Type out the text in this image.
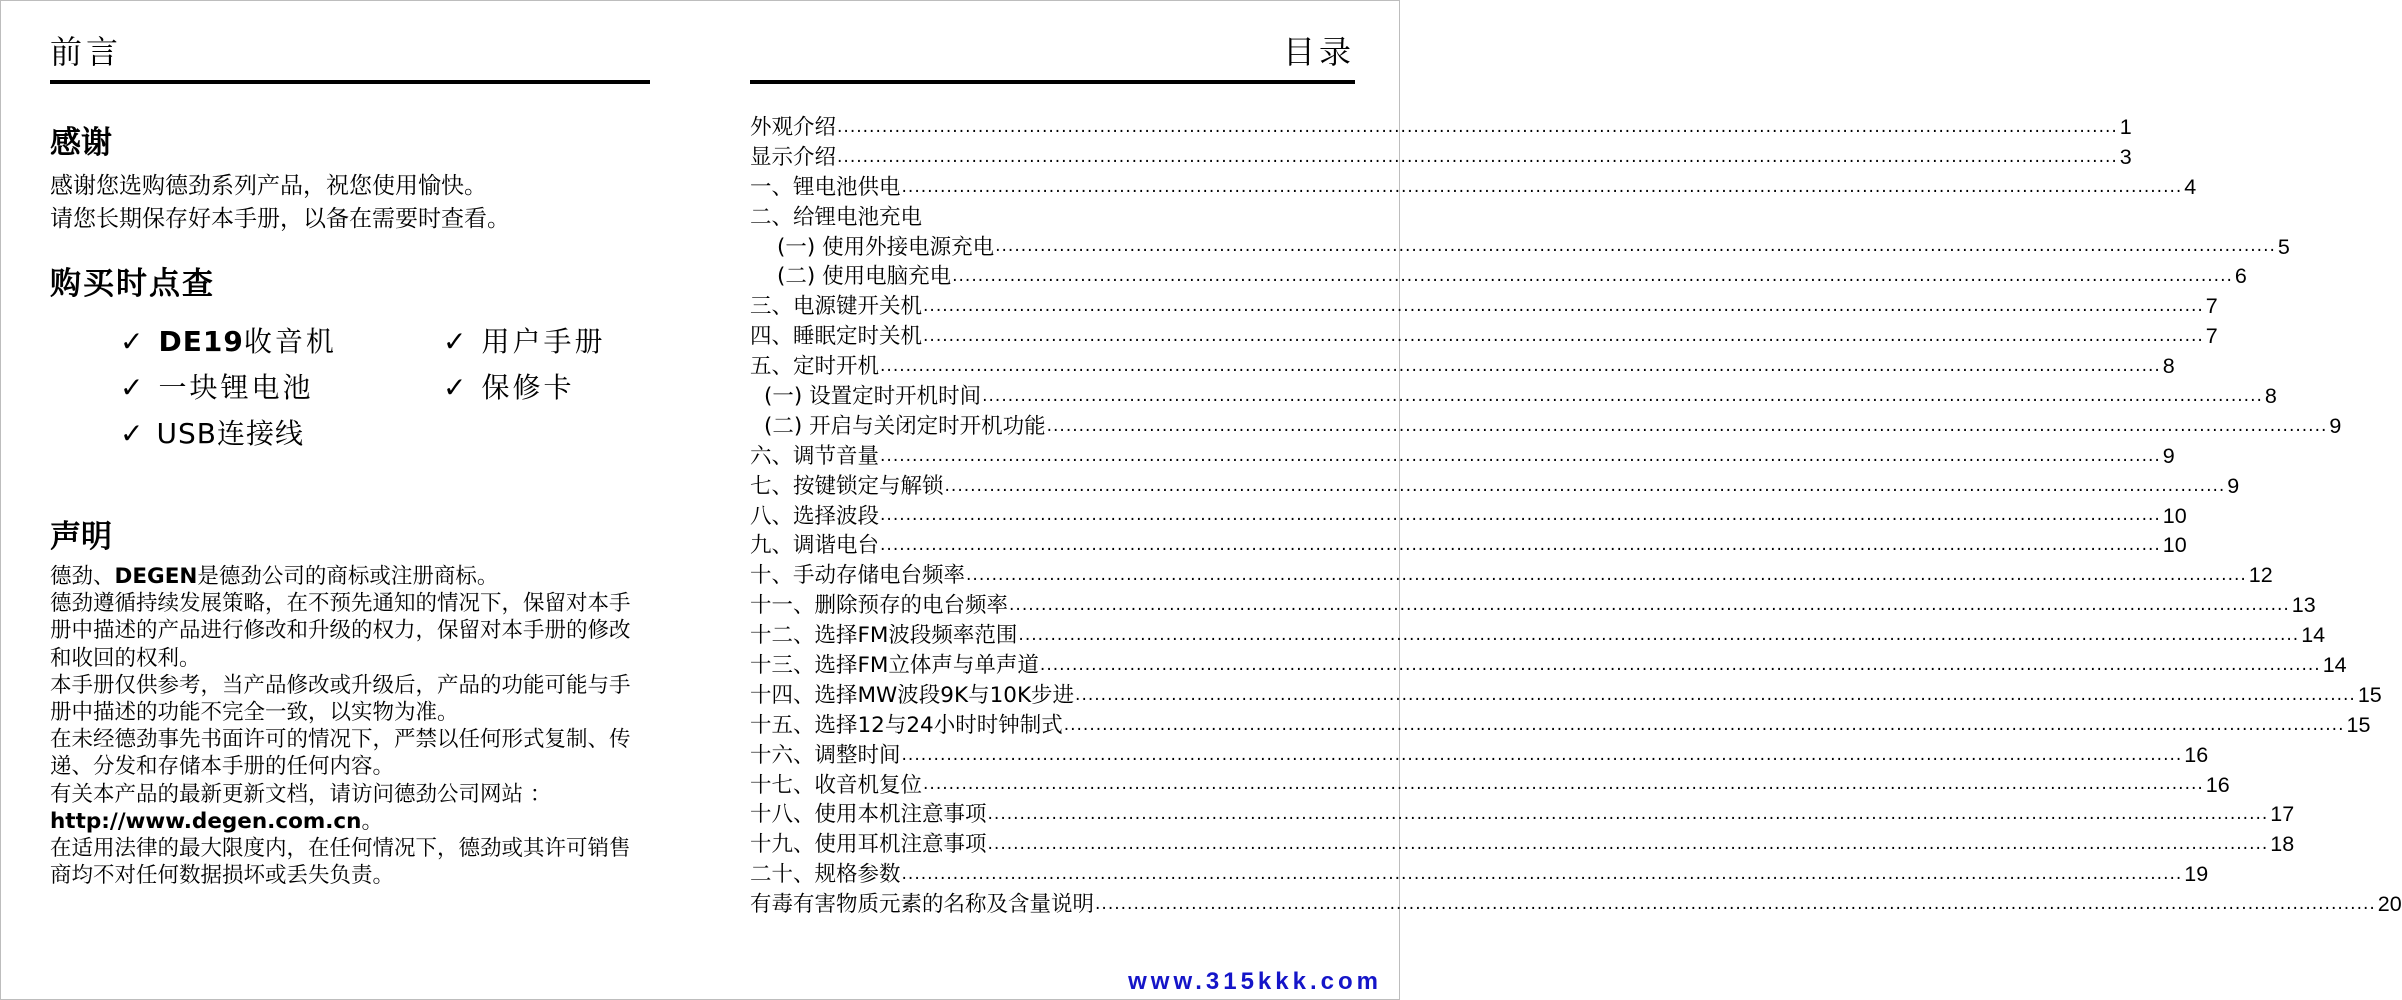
前言
感谢
感谢您选购德劲系列产品，祝您使用愉快。
请您长期保存好本手册，以备在需要时查看。
购买时点查
✓ DE19收音机	✓ 用户手册
✓ 一块锂电池	✓ 保修卡
✓ USB连接线
声明

德劲、DEGEN是德劲公司的商标或注册商标。

德劲遵循持续发展策略，在不预先通知的情况下，保留对本手册中描述的产品进行修改和升级的权力，保留对本手册的修改和收回的权利。

本手册仅供参考，当产品修改或升级后，产品的功能可能与手册中描述的功能不完全一致，以实物为准。

在未经德劲事先书面许可的情况下，严禁以任何形式复制、传递、分发和存储本手册的任何内容。

有关本产品的最新更新文档，请访问德劲公司网站 ：

http://www.degen.com.cn。

在适用法律的最大限度内，在任何情况下，德劲或其许可销售商均不对任何数据损坏或丢失负责。

目录
外观介绍 ........................................................................................................................................................................................................ 1
显示介绍 ........................................................................................................................................................................................................ 3
一、锂电池供电 ........................................................................................................................................................................................................ 4
二、给锂电池充电
(一) 使用外接电源充电 ........................................................................................................................................................................................................ 5
(二) 使用电脑充电 ........................................................................................................................................................................................................ 6
三、电源键开关机 ........................................................................................................................................................................................................ 7
四、睡眠定时关机 ........................................................................................................................................................................................................ 7
五、定时开机 ........................................................................................................................................................................................................ 8
(一) 设置定时开机时间 ........................................................................................................................................................................................................ 8
(二) 开启与关闭定时开机功能 ........................................................................................................................................................................................................ 9
六、调节音量 ........................................................................................................................................................................................................ 9
七、按键锁定与解锁 ........................................................................................................................................................................................................ 9
八、选择波段 ........................................................................................................................................................................................................ 10
九、调谐电台 ........................................................................................................................................................................................................ 10
十、手动存储电台频率 ........................................................................................................................................................................................................ 12
十一、删除预存的电台频率 ........................................................................................................................................................................................................ 13
十二、选择FM波段频率范围 ........................................................................................................................................................................................................ 14
十三、选择FM立体声与单声道 ........................................................................................................................................................................................................ 14
十四、选择MW波段9K与10K步进 ........................................................................................................................................................................................................ 15
十五、选择12与24小时时钟制式 ........................................................................................................................................................................................................ 15
十六、调整时间 ........................................................................................................................................................................................................ 16
十七、收音机复位 ........................................................................................................................................................................................................ 16
十八、使用本机注意事项 ........................................................................................................................................................................................................ 17
十九、使用耳机注意事项 ........................................................................................................................................................................................................ 18
二十、规格参数 ........................................................................................................................................................................................................ 19
有毒有害物质元素的名称及含量说明 ........................................................................................................................................................................................................ 20
www.315kkk.com
